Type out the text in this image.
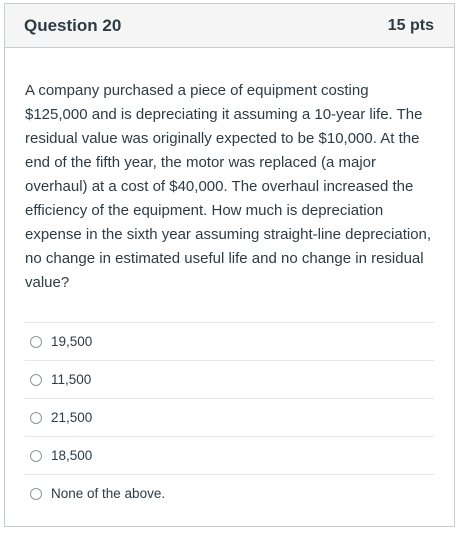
Question 20	15 pts

A company purchased a piece of equipment costing $125,000 and is depreciating it assuming a 10-year life. The residual value was originally expected to be $10,000. At the end of the fifth year, the motor was replaced (a major overhaul) at a cost of $40,000. The overhaul increased the efficiency of the equipment. How much is depreciation expense in the sixth year assuming straight-line depreciation, no change in estimated useful life and no change in residual value?

19,500
11,500
21,500
18,500
None of the above.
